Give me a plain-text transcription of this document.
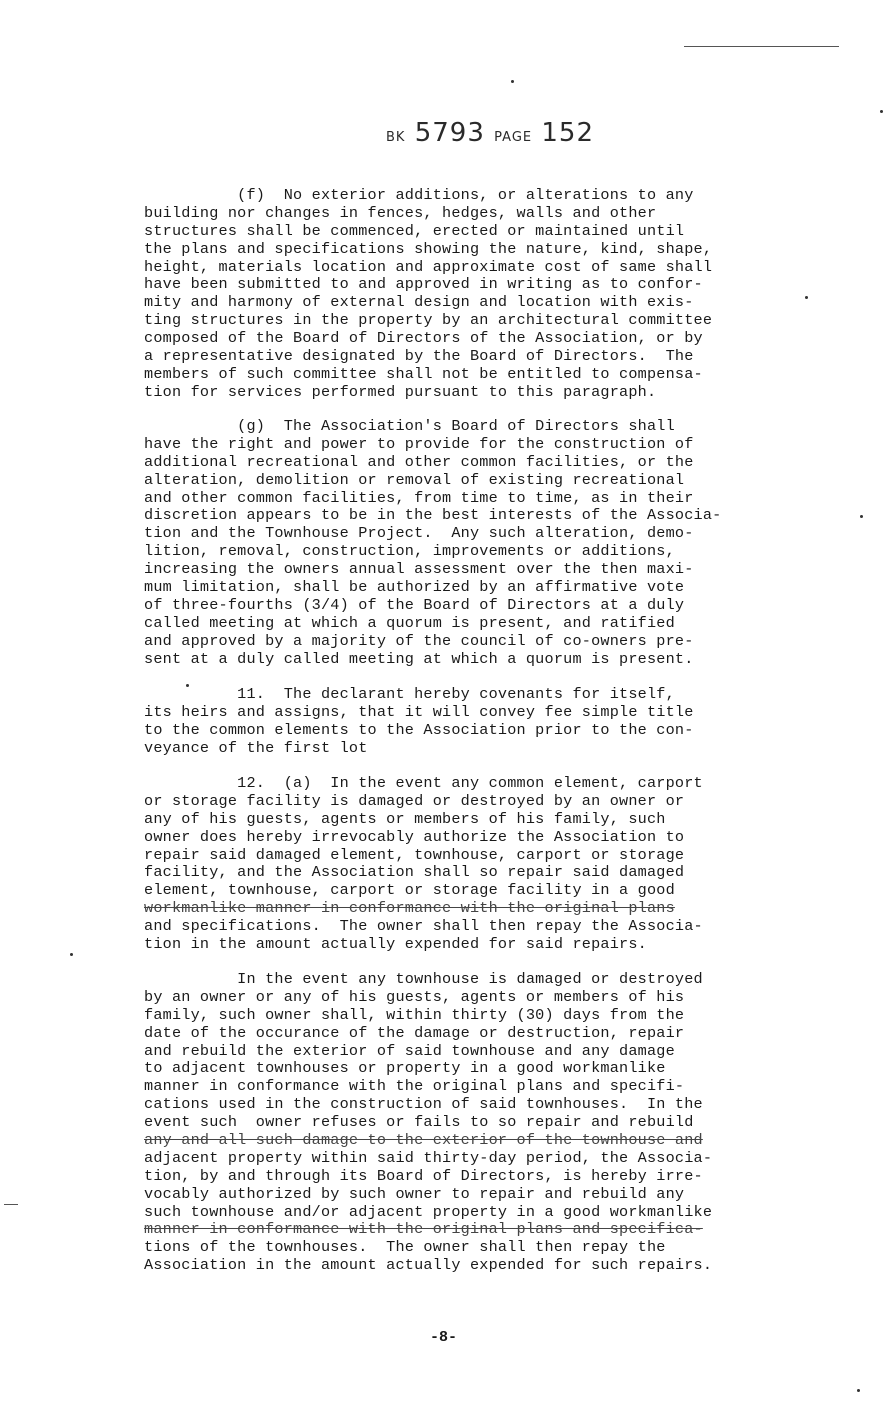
BK 5793 PAGE 152
(f)  No exterior additions, or alterations to any
building nor changes in fences, hedges, walls and other
structures shall be commenced, erected or maintained until
the plans and specifications showing the nature, kind, shape,
height, materials location and approximate cost of same shall
have been submitted to and approved in writing as to confor-
mity and harmony of external design and location with exis-
ting structures in the property by an architectural committee
composed of the Board of Directors of the Association, or by
a representative designated by the Board of Directors.  The
members of such committee shall not be entitled to compensa-
tion for services performed pursuant to this paragraph.
(g)  The Association's Board of Directors shall
have the right and power to provide for the construction of
additional recreational and other common facilities, or the
alteration, demolition or removal of existing recreational
and other common facilities, from time to time, as in their
discretion appears to be in the best interests of the Associa-
tion and the Townhouse Project.  Any such alteration, demo-
lition, removal, construction, improvements or additions,
increasing the owners annual assessment over the then maxi-
mum limitation, shall be authorized by an affirmative vote
of three-fourths (3/4) of the Board of Directors at a duly
called meeting at which a quorum is present, and ratified
and approved by a majority of the council of co-owners pre-
sent at a duly called meeting at which a quorum is present.
11.  The declarant hereby covenants for itself,
its heirs and assigns, that it will convey fee simple title
to the common elements to the Association prior to the con-
veyance of the first lot
12.  (a)  In the event any common element, carport
or storage facility is damaged or destroyed by an owner or
any of his guests, agents or members of his family, such
owner does hereby irrevocably authorize the Association to
repair said damaged element, townhouse, carport or storage
facility, and the Association shall so repair said damaged
element, townhouse, carport or storage facility in a good
workmanlike manner in conformance with the original plans
and specifications.  The owner shall then repay the Associa-
tion in the amount actually expended for said repairs.
In the event any townhouse is damaged or destroyed
by an owner or any of his guests, agents or members of his
family, such owner shall, within thirty (30) days from the
date of the occurance of the damage or destruction, repair
and rebuild the exterior of said townhouse and any damage
to adjacent townhouses or property in a good workmanlike
manner in conformance with the original plans and specifi-
cations used in the construction of said townhouses.  In the
event such  owner refuses or fails to so repair and rebuild
any and all such damage to the exterior of the townhouse and
adjacent property within said thirty-day period, the Associa-
tion, by and through its Board of Directors, is hereby irre-
vocably authorized by such owner to repair and rebuild any
such townhouse and/or adjacent property in a good workmanlike
manner in conformance with the original plans and specifica-
tions of the townhouses.  The owner shall then repay the
Association in the amount actually expended for such repairs.
-8-
